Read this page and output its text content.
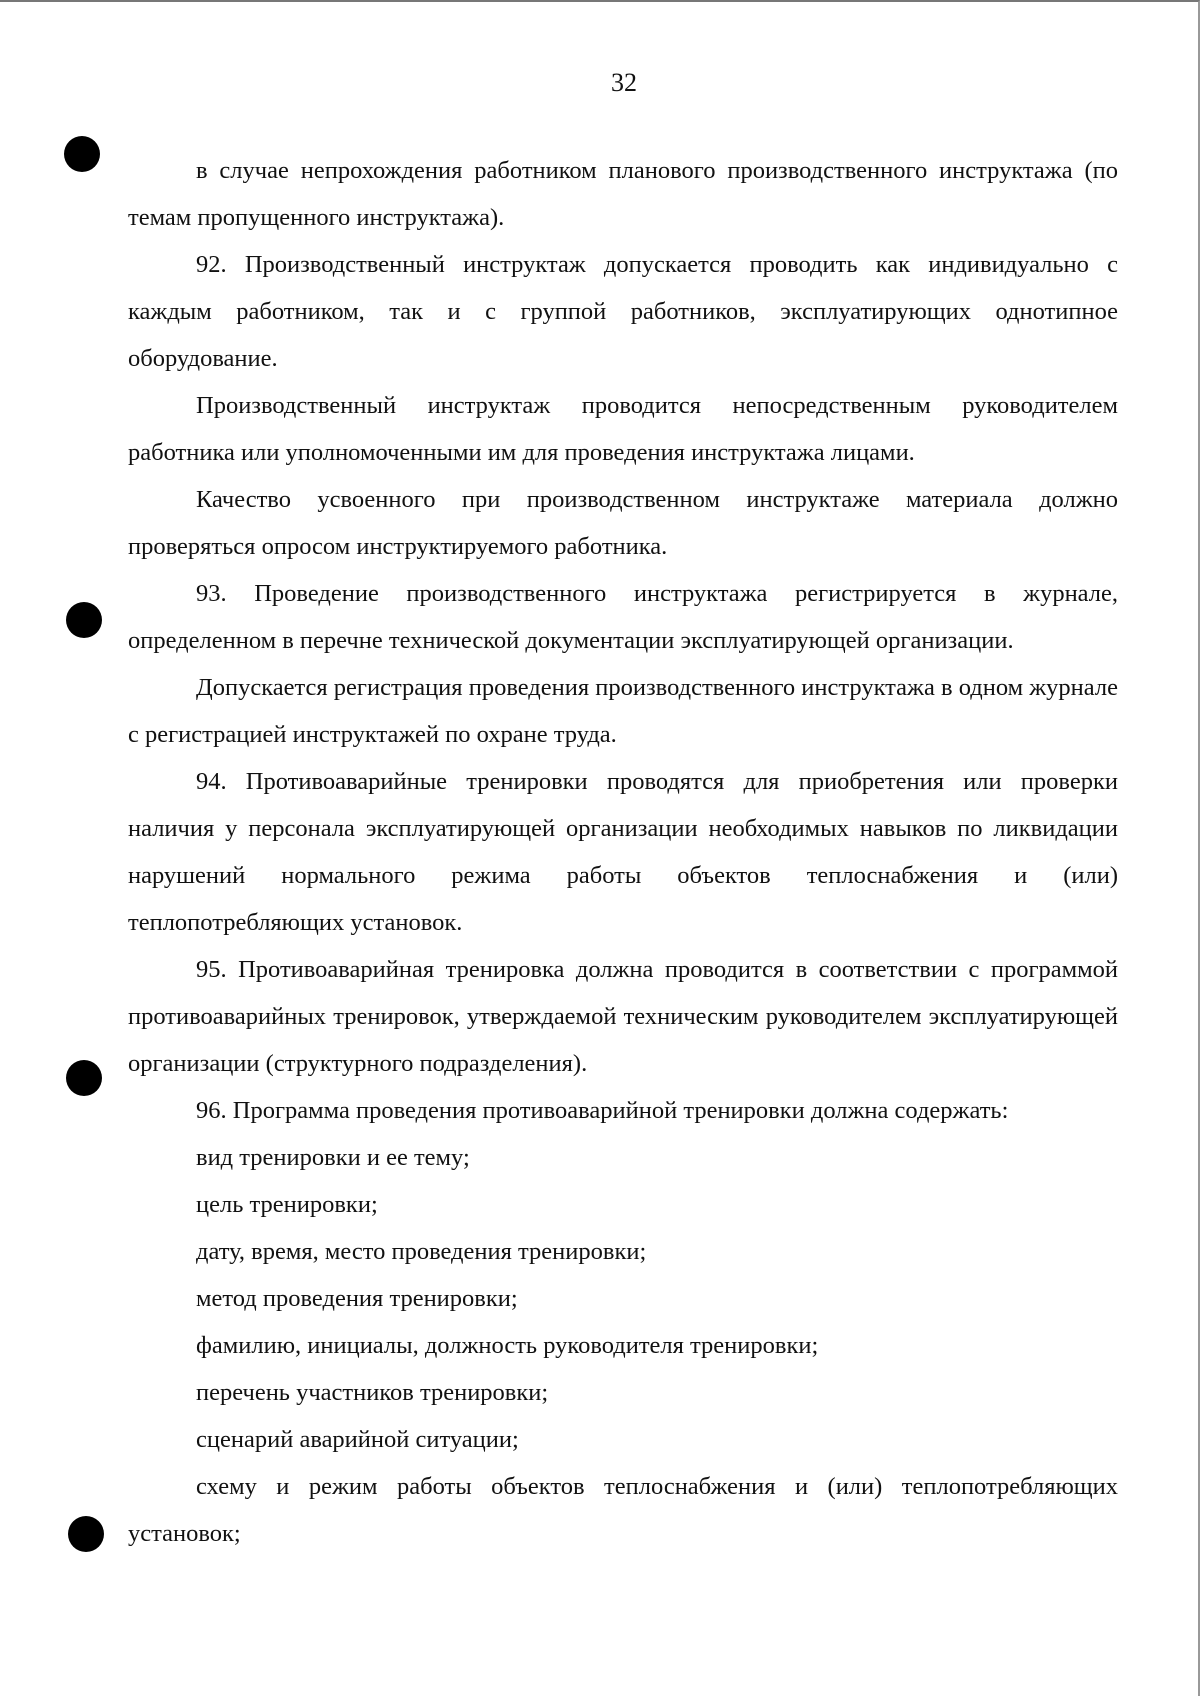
32

в случае непрохождения работником планового производственного инструктажа (по темам пропущенного инструктажа).

92. Производственный инструктаж допускается проводить как индивидуально с каждым работником, так и с группой работников, эксплуатирующих однотипное оборудование.

Производственный инструктаж проводится непосредственным руководителем работника или уполномоченными им для проведения инструктажа лицами.

Качество усвоенного при производственном инструктаже материала должно проверяться опросом инструктируемого работника.

93. Проведение производственного инструктажа регистрируется в журнале, определенном в перечне технической документации эксплуатирующей организации.

Допускается регистрация проведения производственного инструктажа в одном журнале с регистрацией инструктажей по охране труда.

94. Противоаварийные тренировки проводятся для приобретения или проверки наличия у персонала эксплуатирующей организации необходимых навыков по ликвидации нарушений нормального режима работы объектов теплоснабжения и (или) теплопотребляющих установок.

95. Противоаварийная тренировка должна проводится в соответствии с программой противоаварийных тренировок, утверждаемой техническим руководителем эксплуатирующей организации (структурного подразделения).

96. Программа проведения противоаварийной тренировки должна содержать:

вид тренировки и ее тему;

цель тренировки;

дату, время, место проведения тренировки;

метод проведения тренировки;

фамилию, инициалы, должность руководителя тренировки;

перечень участников тренировки;

сценарий аварийной ситуации;

схему и режим работы объектов теплоснабжения и (или) теплопотребляющих установок;
